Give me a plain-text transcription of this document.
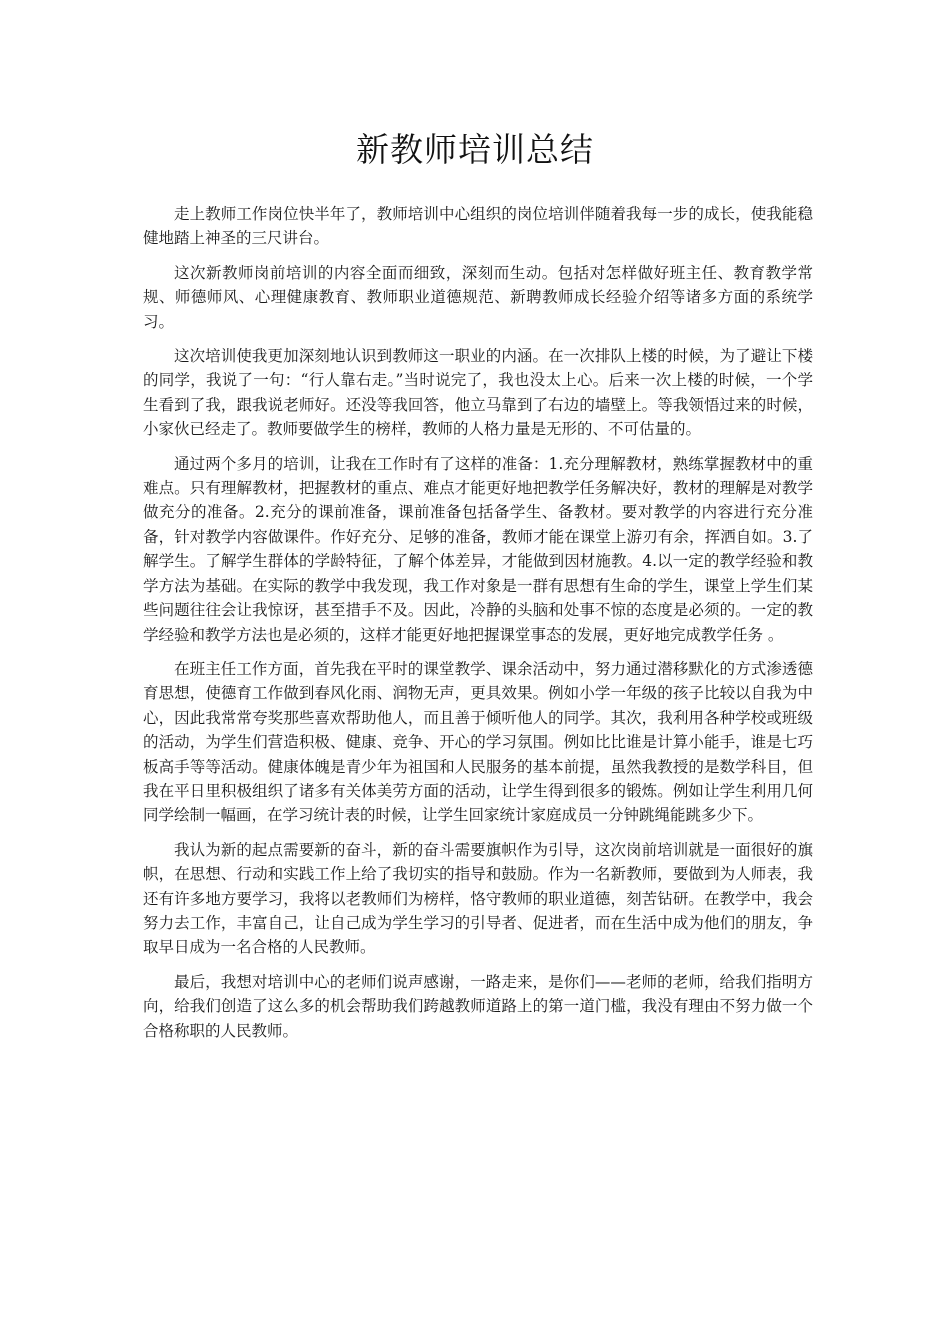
新教师培训总结

走上教师工作岗位快半年了，教师培训中心组织的岗位培训伴随着我每一步的成长，使我能稳健地踏上神圣的三尺讲台。

这次新教师岗前培训的内容全面而细致，深刻而生动。包括对怎样做好班主任、教育教学常规、师德师风、心理健康教育、教师职业道德规范、新聘教师成长经验介绍等诸多方面的系统学习。

这次培训使我更加深刻地认识到教师这一职业的内涵。在一次排队上楼的时候，为了避让下楼的同学，我说了一句：“行人靠右走。”当时说完了，我也没太上心。后来一次上楼的时候，一个学生看到了我，跟我说老师好。还没等我回答，他立马靠到了右边的墙壁上。等我领悟过来的时候，小家伙已经走了。教师要做学生的榜样，教师的人格力量是无形的、不可估量的。

通过两个多月的培训，让我在工作时有了这样的准备：1.充分理解教材，熟练掌握教材中的重难点。只有理解教材，把握教材的重点、难点才能更好地把教学任务解决好，教材的理解是对教学做充分的准备。2.充分的课前准备，课前准备包括备学生、备教材。要对教学的内容进行充分准备，针对教学内容做课件。作好充分、足够的准备，教师才能在课堂上游刃有余，挥洒自如。3.了解学生。了解学生群体的学龄特征，了解个体差异，才能做到因材施教。4.以一定的教学经验和教学方法为基础。在实际的教学中我发现，我工作对象是一群有思想有生命的学生，课堂上学生们某些问题往往会让我惊讶，甚至措手不及。因此，冷静的头脑和处事不惊的态度是必须的。一定的教学经验和教学方法也是必须的，这样才能更好地把握课堂事态的发展，更好地完成教学任务 。

在班主任工作方面，首先我在平时的课堂教学、课余活动中，努力通过潜移默化的方式渗透德育思想，使德育工作做到春风化雨、润物无声，更具效果。例如小学一年级的孩子比较以自我为中心，因此我常常夸奖那些喜欢帮助他人，而且善于倾听他人的同学。其次，我利用各种学校或班级的活动，为学生们营造积极、健康、竞争、开心的学习氛围。例如比比谁是计算小能手，谁是七巧板高手等等活动。健康体魄是青少年为祖国和人民服务的基本前提，虽然我教授的是数学科目，但我在平日里积极组织了诸多有关体美劳方面的活动，让学生得到很多的锻炼。例如让学生利用几何同学绘制一幅画，在学习统计表的时候，让学生回家统计家庭成员一分钟跳绳能跳多少下。

我认为新的起点需要新的奋斗，新的奋斗需要旗帜作为引导，这次岗前培训就是一面很好的旗帜，在思想、行动和实践工作上给了我切实的指导和鼓励。作为一名新教师，要做到为人师表，我还有许多地方要学习，我将以老教师们为榜样，恪守教师的职业道德，刻苦钻研。在教学中，我会努力去工作，丰富自己，让自己成为学生学习的引导者、促进者，而在生活中成为他们的朋友，争取早日成为一名合格的人民教师。

最后，我想对培训中心的老师们说声感谢，一路走来，是你们——老师的老师，给我们指明方向，给我们创造了这么多的机会帮助我们跨越教师道路上的第一道门槛，我没有理由不努力做一个合格称职的人民教师。
